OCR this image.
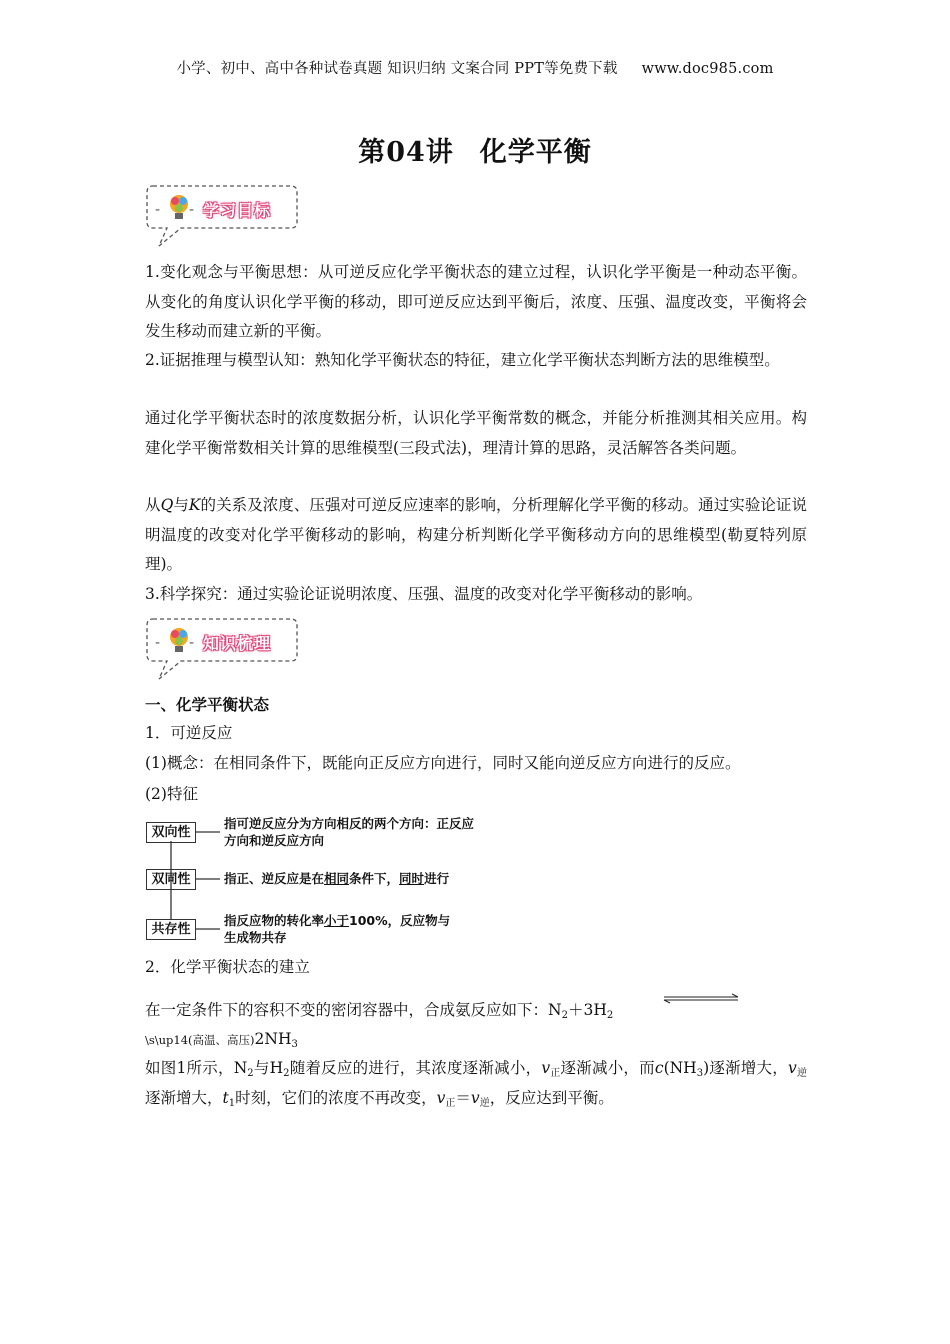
小学、初中、高中各种试卷真题 知识归纳 文案合同 PPT等免费下载 www.doc985.com
第04讲 化学平衡
- - 学习目标
1.变化观念与平衡思想：从可逆反应化学平衡状态的建立过程，认识化学平衡是一种动态平衡。从变化的角度认识化学平衡的移动，即可逆反应达到平衡后，浓度、压强、温度改变，平衡将会发生移动而建立新的平衡。
2.证据推理与模型认知：熟知化学平衡状态的特征，建立化学平衡状态判断方法的思维模型。
通过化学平衡状态时的浓度数据分析，认识化学平衡常数的概念，并能分析推测其相关应用。构建化学平衡常数相关计算的思维模型(三段式法)，理清计算的思路，灵活解答各类问题。
从Q与K的关系及浓度、压强对可逆反应速率的影响，分析理解化学平衡的移动。通过实验论证说明温度的改变对化学平衡移动的影响，构建分析判断化学平衡移动方向的思维模型(勒夏特列原理)。
3.科学探究：通过实验论证说明浓度、压强、温度的改变对化学平衡移动的影响。
- - 知识梳理
一、化学平衡状态
1．可逆反应
(1)概念：在相同条件下，既能向正反应方向进行，同时又能向逆反应方向进行的反应。
(2)特征
双向性
指可逆反应分为方向相反的两个方向：正反应
方向和逆反应方向
双同性	指正、逆反应是在相同条件下，同时进行
共存性
指反应物的转化率小于100%，反应物与
生成物共存
2．化学平衡状态的建立
在一定条件下的容积不变的密闭容器中，合成氨反应如下：$N_2+3H_2$
\s\up14(高温、高压)$2NH_3$
如图1所示，$N_2$与$H_2$随着反应的进行，其浓度逐渐减小，$v_正$逐渐减小，而$c(NH_3)$逐渐增大，$v_逆$逐渐增大，$t_1$时刻，它们的浓度不再改变，$v_正=v_逆$，反应达到平衡。
